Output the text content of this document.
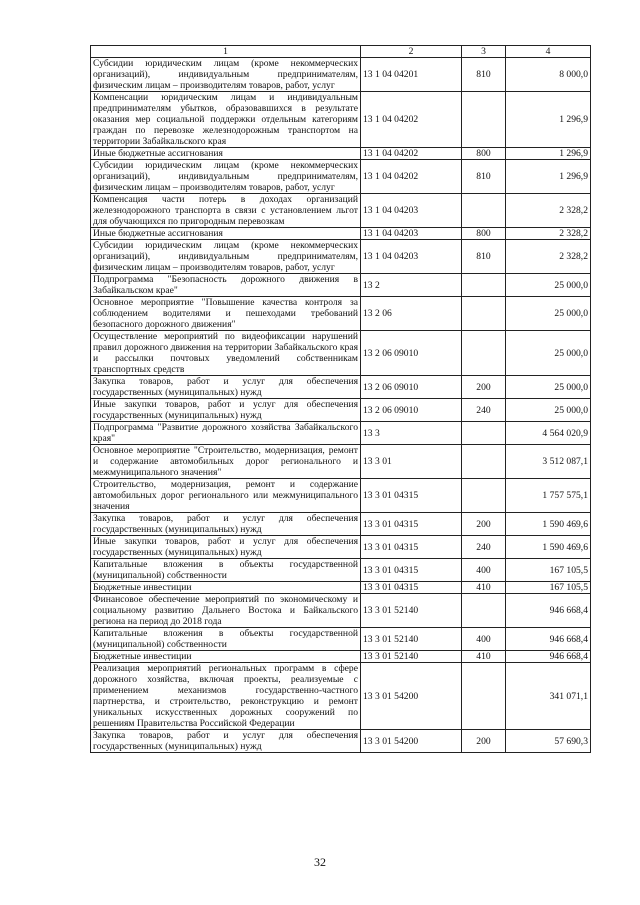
1	2	3	4
Субсидии юридическим лицам (кроме некоммерческих организаций), индивидуальным предпринимателям, физическим лицам – производителям товаров, работ, услуг	13 1 04 04201	810	8 000,0
Компенсации юридическим лицам и индивидуальным предпринимателям убытков, образовавшихся в результате оказания мер социальной поддержки отдельным категориям граждан по перевозке железнодорожным транспортом на территории Забайкальского края	13 1 04 04202		1 296,9
Иные бюджетные ассигнования	13 1 04 04202	800	1 296,9
Субсидии юридическим лицам (кроме некоммерческих организаций), индивидуальным предпринимателям, физическим лицам – производителям товаров, работ, услуг	13 1 04 04202	810	1 296,9
Компенсация части потерь в доходах организаций железнодорожного транспорта в связи с установлением льгот для обучающихся по пригородным перевозкам	13 1 04 04203		2 328,2
Иные бюджетные ассигнования	13 1 04 04203	800	2 328,2
Субсидии юридическим лицам (кроме некоммерческих организаций), индивидуальным предпринимателям, физическим лицам – производителям товаров, работ, услуг	13 1 04 04203	810	2 328,2
Подпрограмма "Безопасность дорожного движения в Забайкальском крае"	13 2		25 000,0
Основное мероприятие "Повышение качества контроля за соблюдением водителями и пешеходами требований безопасного дорожного движения"	13 2 06		25 000,0
Осуществление мероприятий по видеофиксации нарушений правил дорожного движения на территории Забайкальского края и рассылки почтовых уведомлений собственникам транспортных средств	13 2 06 09010		25 000,0
Закупка товаров, работ и услуг для обеспечения государственных (муниципальных) нужд	13 2 06 09010	200	25 000,0
Иные закупки товаров, работ и услуг для обеспечения государственных (муниципальных) нужд	13 2 06 09010	240	25 000,0
Подпрограмма "Развитие дорожного хозяйства Забайкальского края"	13 3		4 564 020,9
Основное мероприятие "Строительство, модернизация, ремонт и содержание автомобильных дорог регионального и межмуниципального значения"	13 3 01		3 512 087,1
Строительство, модернизация, ремонт и содержание автомобильных дорог регионального или межмуниципального значения	13 3 01 04315		1 757 575,1
Закупка товаров, работ и услуг для обеспечения государственных (муниципальных) нужд	13 3 01 04315	200	1 590 469,6
Иные закупки товаров, работ и услуг для обеспечения государственных (муниципальных) нужд	13 3 01 04315	240	1 590 469,6
Капитальные вложения в объекты государственной (муниципальной) собственности	13 3 01 04315	400	167 105,5
Бюджетные инвестиции	13 3 01 04315	410	167 105,5
Финансовое обеспечение мероприятий по экономическому и социальному развитию Дальнего Востока и Байкальского региона на период до 2018 года	13 3 01 52140		946 668,4
Капитальные вложения в объекты государственной (муниципальной) собственности	13 3 01 52140	400	946 668,4
Бюджетные инвестиции	13 3 01 52140	410	946 668,4
Реализация мероприятий региональных программ в сфере дорожного хозяйства, включая проекты, реализуемые с применением механизмов государственно-частного партнерства, и строительство, реконструкцию и ремонт уникальных искусственных дорожных сооружений по решениям Правительства Российской Федерации	13 3 01 54200		341 071,1
Закупка товаров, работ и услуг для обеспечения государственных (муниципальных) нужд	13 3 01 54200	200	57 690,3
32
